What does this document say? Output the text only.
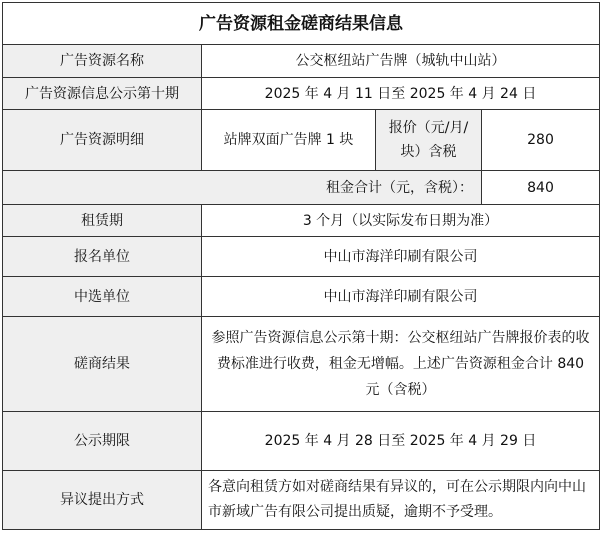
广告资源租金磋商结果信息			
广告资源名称	公交枢纽站广告牌（城轨中山站）		
广告资源信息公示第十期	2025 年 4 月 11 日至 2025 年 4 月 24 日		
广告资源明细	站牌双面广告牌 1 块	报价（元/月/块）含税	280
租金合计（元，含税）：			840
租赁期	3 个月（以实际发布日期为准）		
报名单位	中山市海洋印刷有限公司		
中选单位	中山市海洋印刷有限公司		
磋商结果	参照广告资源信息公示第十期：公交枢纽站广告牌报价表的收费标准进行收费，租金无增幅。上述广告资源租金合计 840 元（含税）		
公示期限	2025 年 4 月 28 日至 2025 年 4 月 29 日		
异议提出方式	各意向租赁方如对磋商结果有异议的，可在公示期限内向中山市新域广告有限公司提出质疑，逾期不予受理。		
